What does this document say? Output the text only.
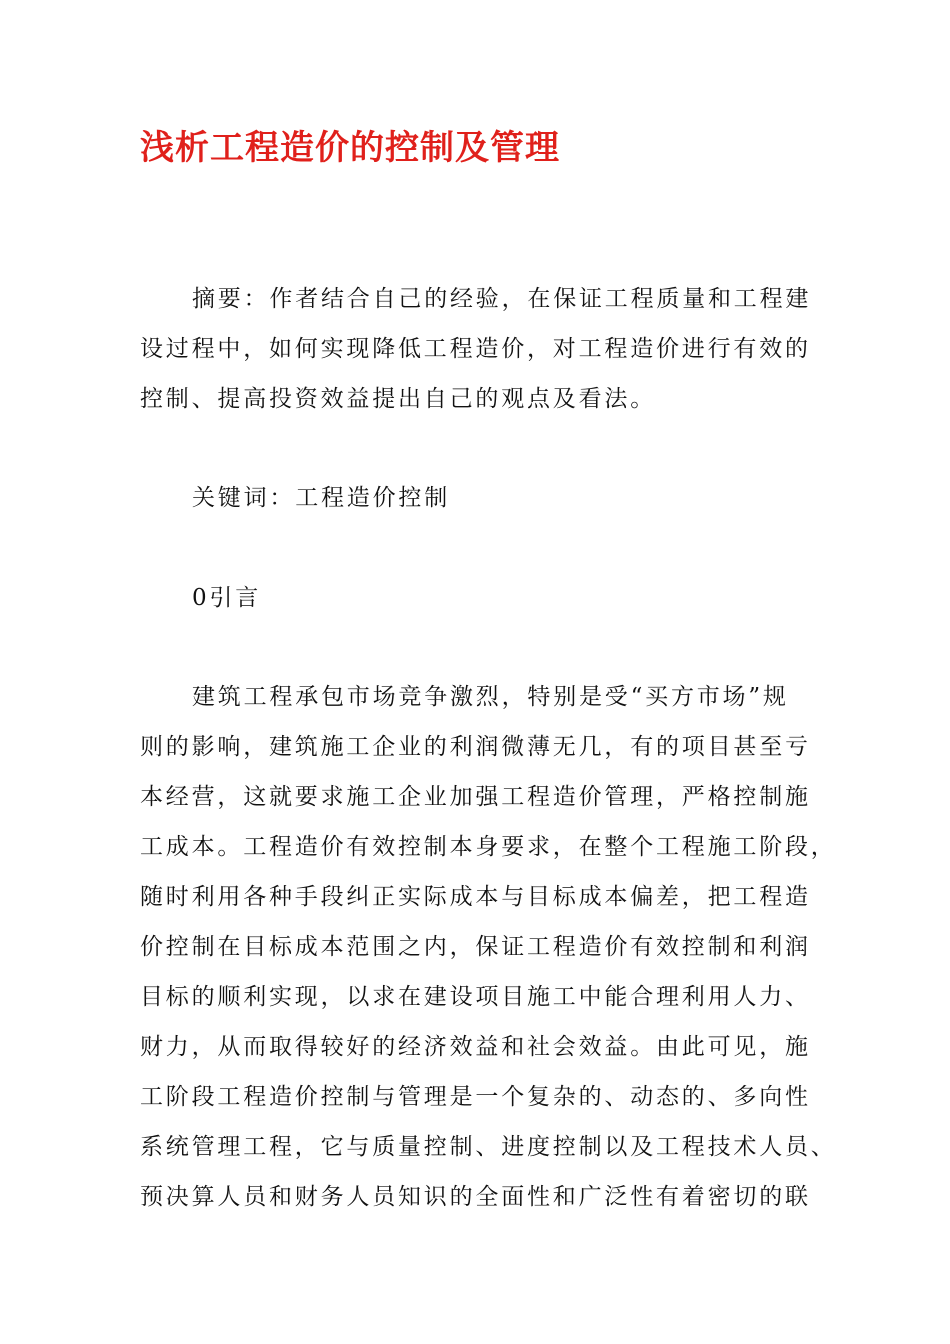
浅析工程造价的控制及管理
摘要：作者结合自己的经验，在保证工程质量和工程建
设过程中，如何实现降低工程造价，对工程造价进行有效的
控制、提高投资效益提出自己的观点及看法。
关键词：工程造价控制
0引言
建筑工程承包市场竞争激烈，特别是受“买方市场”规
则的影响，建筑施工企业的利润微薄无几，有的项目甚至亏
本经营，这就要求施工企业加强工程造价管理，严格控制施
工成本。工程造价有效控制本身要求，在整个工程施工阶段，
随时利用各种手段纠正实际成本与目标成本偏差，把工程造
价控制在目标成本范围之内，保证工程造价有效控制和利润
目标的顺利实现，以求在建设项目施工中能合理利用人力、
财力，从而取得较好的经济效益和社会效益。由此可见，施
工阶段工程造价控制与管理是一个复杂的、动态的、多向性
系统管理工程，它与质量控制、进度控制以及工程技术人员、
预决算人员和财务人员知识的全面性和广泛性有着密切的联
